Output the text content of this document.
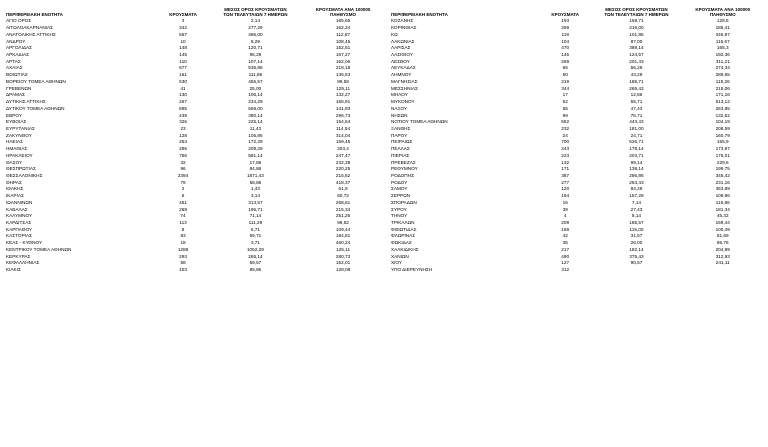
ΠΕΡΙΦΕΡΕΙΑΚΗ ΕΝΟΤΗΤΑ	ΚΡΟΥΣΜΑΤΑ	ΜΕΣΟΣ ΟΡΟΣ ΚΡΟΥΣΜΑΤΩΝ
ΤΩΝ ΤΕΛΕΥΤΑΙΩΝ 7 ΗΜΕΡΩΝ	ΚΡΟΥΣΜΑΤΑ ΑΝΑ 100000
ΠΛΗΘΥΣΜΟ

ΑΓΙΟ ΟΡΟΣ	3	2,14	165,65
ΑΙΤΩΛΟΑΚΑΡΝΑΝΙΑΣ	342	277,29	162,24
ΑΝΑΤΟΛΙΚΗΣ ΑΤΤΙΚΗΣ	567	486,00	112,87
ΑΝΔΡΟΥ	10	8,29	108,45
ΑΡΓΟΛΙΔΑΣ	148	120,71	152,51
ΑΡΚΑΔΙΑΣ	145	95,29	167,27
ΑΡΤΑΣ	110	107,14	162,06
ΑΧΑΪΑΣ	677	535,86	218,18
ΒΟΙΩΤΙΑΣ	161	111,86	136,53
ΒΟΡΕΙΟΥ ΤΟΜΕΑ ΑΘΗΝΩΝ	530	465,57	89,58
ΓΡΕΒΕΝΩΝ	41	25,00	129,11
ΔΡΑΜΑΣ	130	106,14	132,27
ΔΥΤΙΚΗΣ ΑΤΤΙΚΗΣ	267	234,29	165,91
ΔΥΤΙΚΟΥ ΤΟΜΕΑ ΑΘΗΝΩΝ	695	559,00	141,93
ΕΒΡΟΥ	439	380,14	296,73
ΕΥΒΟΙΑΣ	326	225,14	154,64
ΕΥΡΥΤΑΝΙΑΣ	23	11,43	114,54
ΖΑΚΥΝΘΟΥ	128	105,86	314,04
ΗΛΕΙΑΣ	254	172,29	159,45
ΗΜΑΘΙΑΣ	286	209,29	203,4
ΗΡΑΚΛΕΙΟΥ	756	581,14	247,47
ΘΑΣΟΥ	32	17,86	232,39
ΘΕΣΠΡΩΤΙΑΣ	96	84,86	220,25
ΘΕΣΣΑΛΟΝΙΚΗΣ	2394	1871,43	215,62
ΘΗΡΑΣ	79	58,86	418,37
ΙΘΑΚΗΣ	2	1,43	61,9
ΙΚΑΡΙΑΣ	6	3,14	60,72
ΙΩΑΝΝΙΝΩΝ	451	313,57	268,61
ΚΑΒΑΛΑΣ	269	196,71	215,34
ΚΑΛΥΜΝΟΥ	74	71,14	251,26
ΚΑΡΔΙΤΣΑΣ	113	111,29	99,52
ΚΑΡΠΑΘΟΥ	8	6,71	109,44
ΚΑΣΤΟΡΙΑΣ	93	59,71	184,81
ΚΕΑΣ - ΚΥΘΝΟΥ	18	3,71	460,24
ΚΕΝΤΡΙΚΟΥ ΤΟΜΕΑ ΑΘΗΝΩΝ	1288	1052,29	125,11
ΚΕΡΚΥΡΑΣ	293	265,14	280,73
ΚΕΦΑΛΛΗΝΙΑΣ	58	59,57	162,01
ΚΙΛΚΙΣ	103	85,86	128,08
ΠΕΡΙΦΕΡΕΙΑΚΗ ΕΝΟΤΗΤΑ	ΚΡΟΥΣΜΑΤΑ	ΜΕΣΟΣ ΟΡΟΣ ΚΡΟΥΣΜΑΤΩΝ
ΤΩΝ ΤΕΛΕΥΤΑΙΩΝ 7 ΗΜΕΡΩΝ	ΚΡΟΥΣΜΑΤΑ ΑΝΑ 100000
ΠΛΗΘΥΣΜΟ

ΚΟΖΑΝΗΣ	193	159,71	128,5
ΚΟΡΙΝΘΙΑΣ	269	216,00	185,41
ΚΩ	119	101,86	345,97
ΛΑΚΩΝΙΑΣ	104	87,00	116,67
ΛΑΡΙΣΑΣ	470	389,14	165,3
ΛΑΣΙΘΙΟΥ	145	124,57	192,36
ΛΕΣΒΟΥ	269	201,43	311,21
ΛΕΥΚΑΔΑΣ	65	56,29	274,34
ΛΗΜΝΟΥ	50	43,29	289,65
ΜΑΓΝΗΣΙΑΣ	219	185,71	115,26
ΜΕΣΣΗΝΙΑΣ	344	265,43	215,06
ΜΗΛΟΥ	17	12,86	171,16
ΜΥΚΟΝΟΥ	52	55,71	513,12
ΝΑΞΟΥ	55	47,43	263,95
ΝΗΣΩΝ	99	76,71	132,62
ΝΟΤΙΟΥ ΤΟΜΕΑ ΑΘΗΝΩΝ	552	443,43	104,19
ΞΑΝΘΗΣ	232	181,00	208,59
ΠΑΡΟΥ	24	24,71	160,79
ΠΕΙΡΑΙΩΣ	700	626,71	155,9
ΠΕΛΛΑΣ	243	178,14	173,97
ΠΙΕΡΙΑΣ	223	203,71	176,01
ΠΡΕΒΕΖΑΣ	132	99,14	229,6
ΡΕΘΥΜΝΟΥ	171	138,14	199,75
ΡΟΔΟΠΗΣ	387	286,86	345,42
ΡΟΔΟΥ	277	263,43	231,16
ΣΑΜΟΥ	120	84,29	363,89
ΣΕΡΡΩΝ	194	157,29	109,96
ΣΠΟΡΑΔΩΝ	16	7,14	115,96
ΣΥΡΟΥ	39	27,43	181,34
ΤΗΝΟΥ	4	8,14	46,32
ΤΡΙΚΑΛΩΝ	209	185,57	159,44
ΦΘΙΩΤΙΔΑΣ	159	115,00	100,49
ΦΛΩΡΙΝΑΣ	42	31,57	81,69
ΦΩΚΙΔΑΣ	35	26,00	86,76
ΧΑΛΚΙΔΙΚΗΣ	217	182,14	204,89
ΧΑΝΙΩΝ	490	375,43	312,93
ΧΙΟΥ	127	90,57	241,11
ΥΠΟ ΔΙΕΡΕΥΝΗΣΗ	312		
